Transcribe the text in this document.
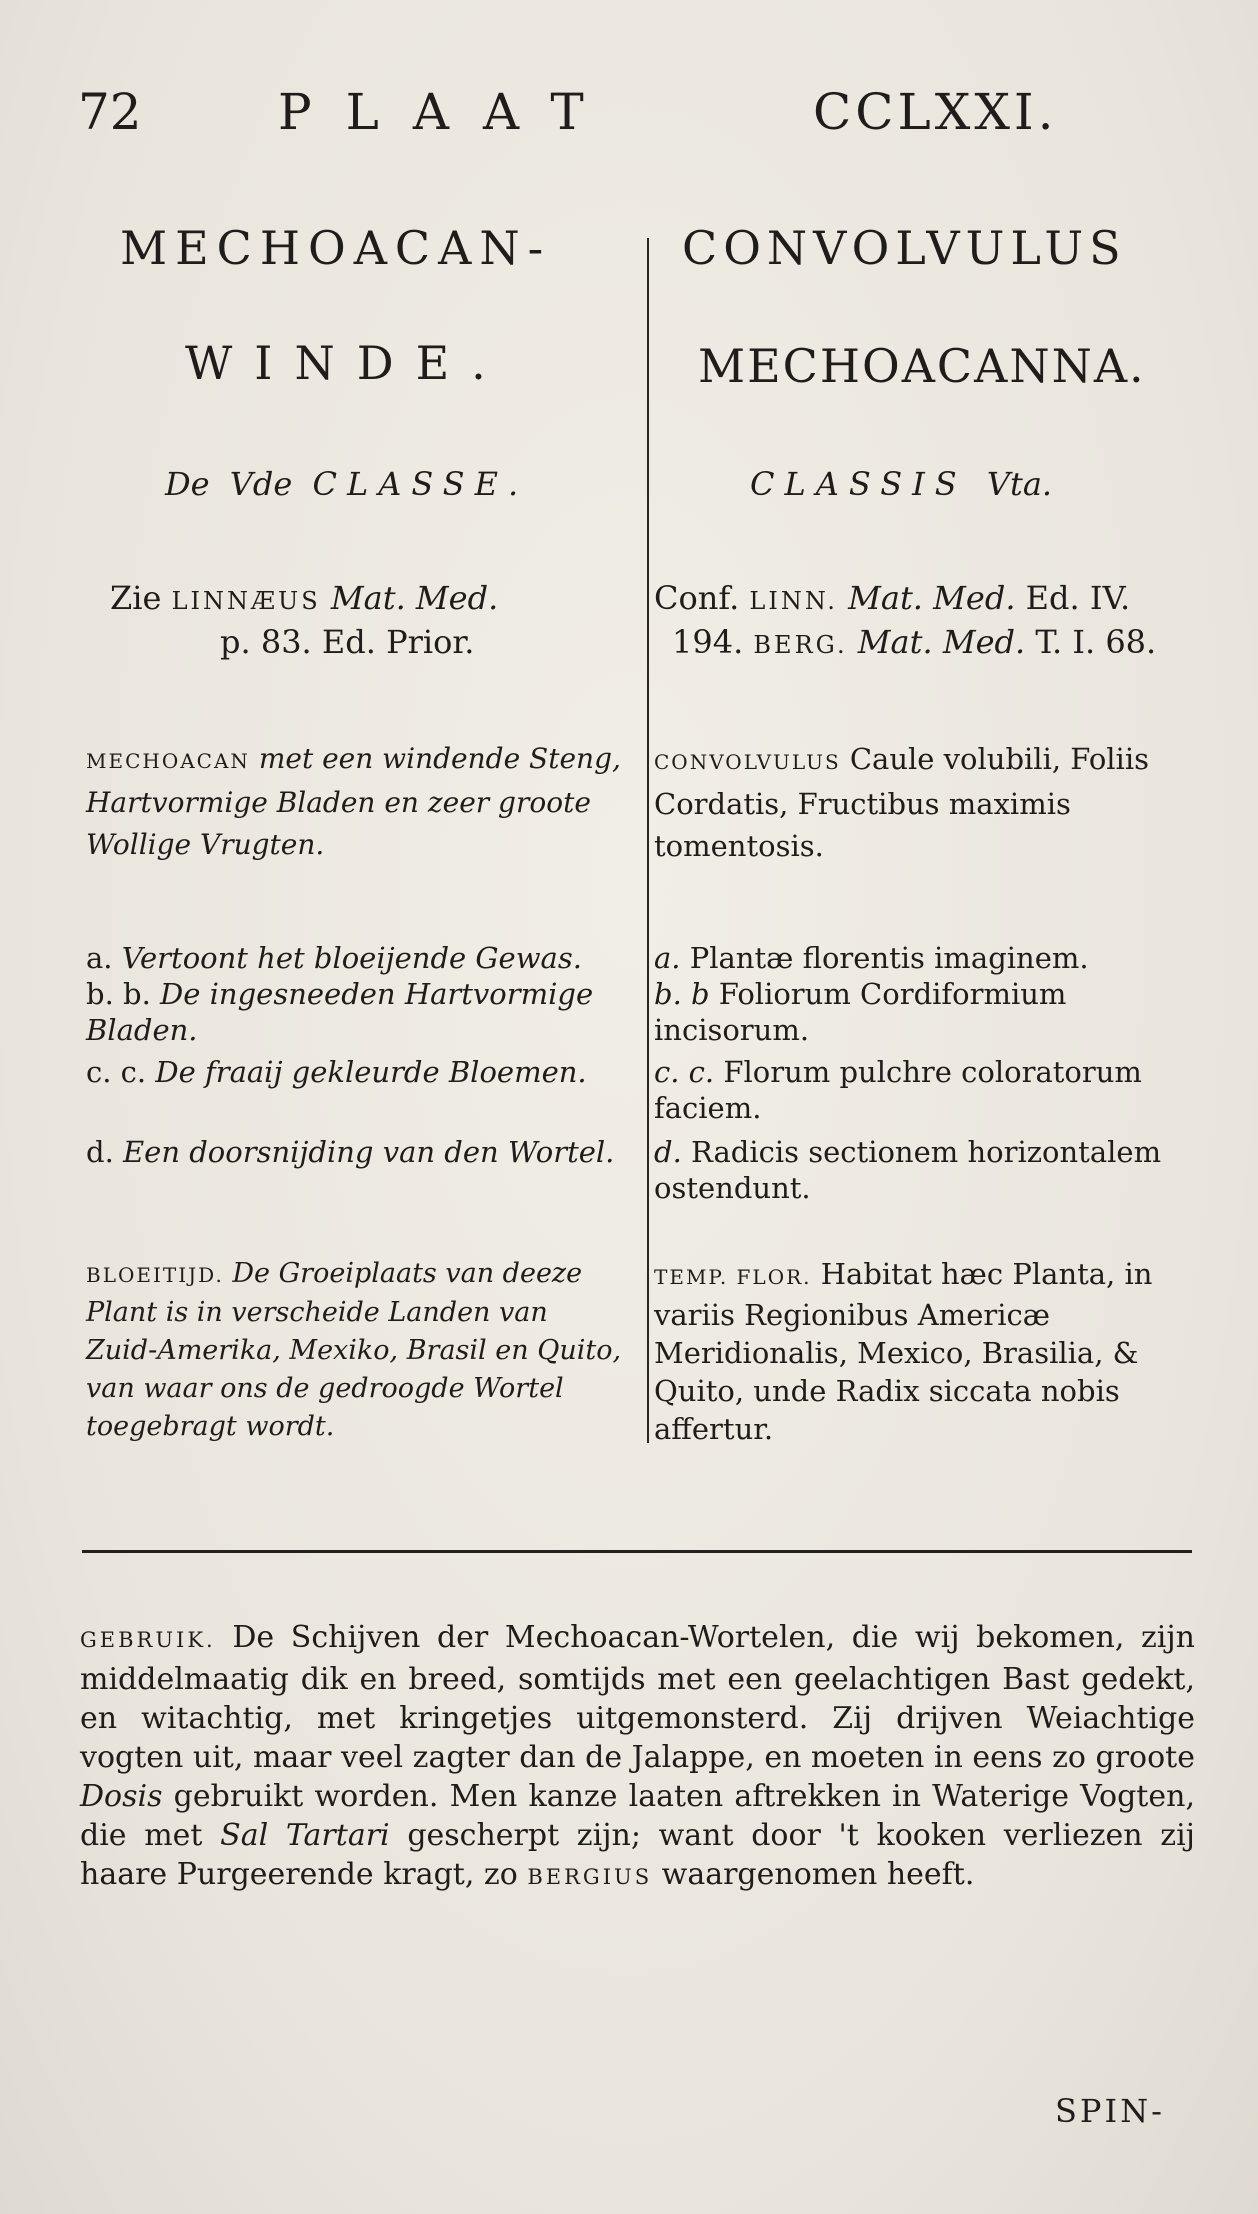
72	PLAAT	CCLXXI.
MECHOACAN-
WINDE.
De Vde CLASSE.
Zie LINNÆUS Mat. Med.
p. 83. Ed. Prior.
MECHOACAN met een windende Steng, Hartvormige Bladen en zeer groote Wollige Vrugten.
a. Vertoont het bloeijende Gewas.
b. b. De ingesneeden Hartvormige Bladen.
c. c. De fraaij gekleurde Bloemen.
d. Een doorsnijding van den Wortel.
BLOEITIJD. De Groeiplaats van deeze Plant is in verscheide Landen van Zuid-Amerika, Mexiko, Brasil en Quito, van waar ons de gedroogde Wortel toegebragt wordt.
CONVOLVULUS
MECHOACANNA.
CLASSIS Vta.
Conf. LINN. Mat. Med. Ed. IV.
194. BERG. Mat. Med. T. I. 68.
CONVOLVULUS Caule volubili, Foliis Cordatis, Fructibus maximis tomentosis.
a. Plantæ florentis imaginem.
b. b Foliorum Cordiformium incisorum.
c. c. Florum pulchre coloratorum faciem.
d. Radicis sectionem horizontalem ostendunt.
TEMP. FLOR. Habitat hæc Planta, in variis Regionibus Americæ Meridionalis, Mexico, Brasilia, & Quito, unde Radix siccata nobis affertur.
GEBRUIK. De Schijven der Mechoacan-Wortelen, die wij bekomen, zijn middelmaatig dik en breed, somtijds met een geelachtigen Bast gedekt, en witachtig, met kringetjes uitgemonsterd. Zij drijven Weiachtige vogten uit, maar veel zagter dan de Jalappe, en moeten in eens zo groote Dosis gebruikt worden. Men kanze laaten aftrekken in Waterige Vogten, die met Sal Tartari gescherpt zijn; want door 't kooken verliezen zij haare Purgeerende kragt, zo BERGIUS waargenomen heeft.
SPIN-
